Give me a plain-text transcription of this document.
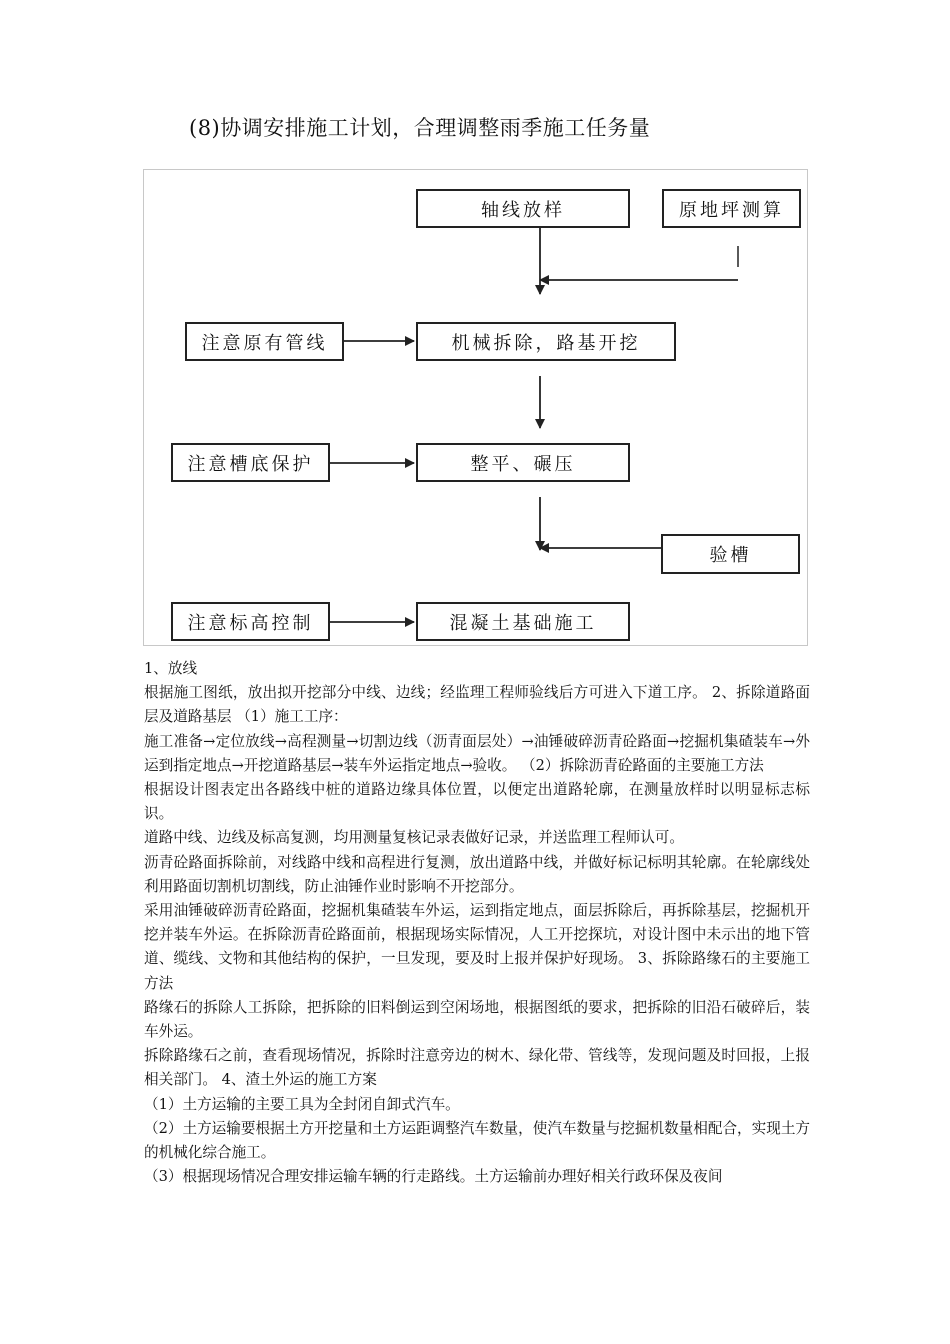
(8)协调安排施工计划，合理调整雨季施工任务量
轴线放样	原地坪测算
注意原有管线	机械拆除，路基开挖
注意槽底保护	整平、碾压
验槽
注意标高控制	混凝土基础施工

1、放线

根据施工图纸，放出拟开挖部分中线、边线；经监理工程师验线后方可进入下道工序。 2、拆除道路面层及道路基层 （1）施工工序：

施工准备→定位放线→高程测量→切割边线（沥青面层处）→油锤破碎沥青砼路面→挖掘机集碴装车→外运到指定地点→开挖道路基层→装车外运指定地点→验收。 （2）拆除沥青砼路面的主要施工方法

根据设计图表定出各路线中桩的道路边缘具体位置，以便定出道路轮廓，在测量放样时以明显标志标识。

道路中线、边线及标高复测，均用测量复核记录表做好记录，并送监理工程师认可。

沥青砼路面拆除前，对线路中线和高程进行复测，放出道路中线，并做好标记标明其轮廓。在轮廓线处利用路面切割机切割线，防止油锤作业时影响不开挖部分。

采用油锤破碎沥青砼路面，挖掘机集碴装车外运，运到指定地点，面层拆除后，再拆除基层，挖掘机开挖并装车外运。在拆除沥青砼路面前，根据现场实际情况，人工开挖探坑，对设计图中未示出的地下管道、缆线、文物和其他结构的保护，一旦发现，要及时上报并保护好现场。 3、拆除路缘石的主要施工方法

路缘石的拆除人工拆除，把拆除的旧料倒运到空闲场地，根据图纸的要求，把拆除的旧沿石破碎后，装车外运。

拆除路缘石之前，查看现场情况，拆除时注意旁边的树木、绿化带、管线等，发现问题及时回报，上报相关部门。 4、渣土外运的施工方案

（1）土方运输的主要工具为全封闭自卸式汽车。

（2）土方运输要根据土方开挖量和土方运距调整汽车数量，使汽车数量与挖掘机数量相配合，实现土方的机械化综合施工。

（3）根据现场情况合理安排运输车辆的行走路线。土方运输前办理好相关行政环保及夜间
